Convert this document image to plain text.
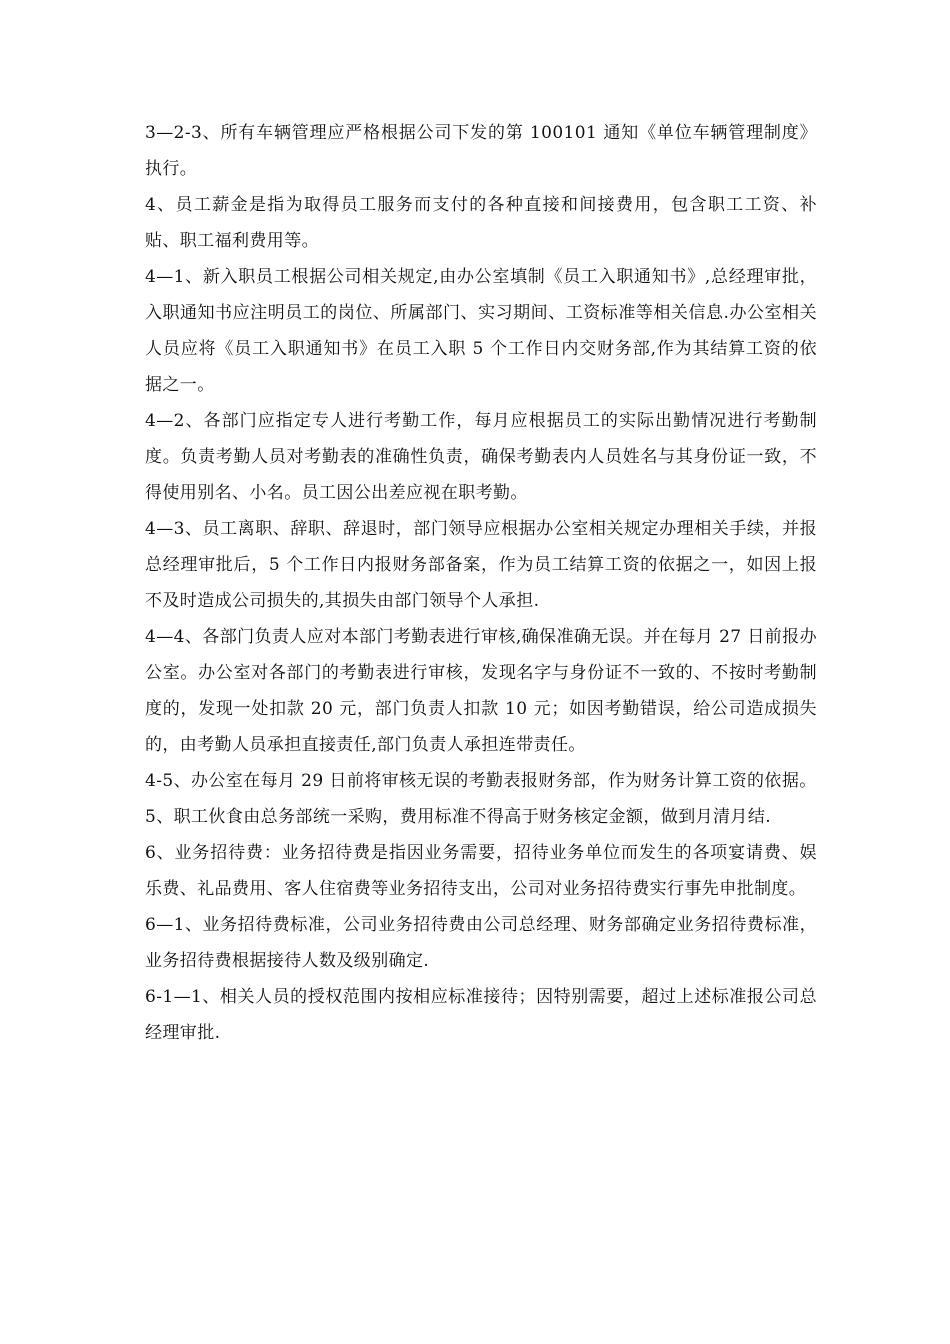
3—2-3、所有车辆管理应严格根据公司下发的第 100101 通知《单位车辆管理制度》执行。

4、员工薪金是指为取得员工服务而支付的各种直接和间接费用，包含职工工资、补贴、职工福利费用等。

4—1、新入职员工根据公司相关规定,由办公室填制《员工入职通知书》,总经理审批，入职通知书应注明员工的岗位、所属部门、实习期间、工资标准等相关信息.办公室相关人员应将《员工入职通知书》在员工入职 5 个工作日内交财务部,作为其结算工资的依据之一。

4—2、各部门应指定专人进行考勤工作，每月应根据员工的实际出勤情况进行考勤制度。负责考勤人员对考勤表的准确性负责，确保考勤表内人员姓名与其身份证一致，不得使用别名、小名。员工因公出差应视在职考勤。

4—3、员工离职、辞职、辞退时，部门领导应根据办公室相关规定办理相关手续，并报总经理审批后，5 个工作日内报财务部备案，作为员工结算工资的依据之一，如因上报不及时造成公司损失的,其损失由部门领导个人承担.

4—4、各部门负责人应对本部门考勤表进行审核,确保准确无误。并在每月 27 日前报办公室。办公室对各部门的考勤表进行审核，发现名字与身份证不一致的、不按时考勤制度的，发现一处扣款 20 元，部门负责人扣款 10 元；如因考勤错误，给公司造成损失的，由考勤人员承担直接责任,部门负责人承担连带责任。

4-5、办公室在每月 29 日前将审核无误的考勤表报财务部，作为财务计算工资的依据。

5、职工伙食由总务部统一采购，费用标准不得高于财务核定金额，做到月清月结.

6、业务招待费：业务招待费是指因业务需要，招待业务单位而发生的各项宴请费、娱乐费、礼品费用、客人住宿费等业务招待支出，公司对业务招待费实行事先申批制度。

6—1、业务招待费标准，公司业务招待费由公司总经理、财务部确定业务招待费标准，业务招待费根据接待人数及级别确定.

6-1—1、相关人员的授权范围内按相应标准接待；因特别需要，超过上述标准报公司总经理审批.
